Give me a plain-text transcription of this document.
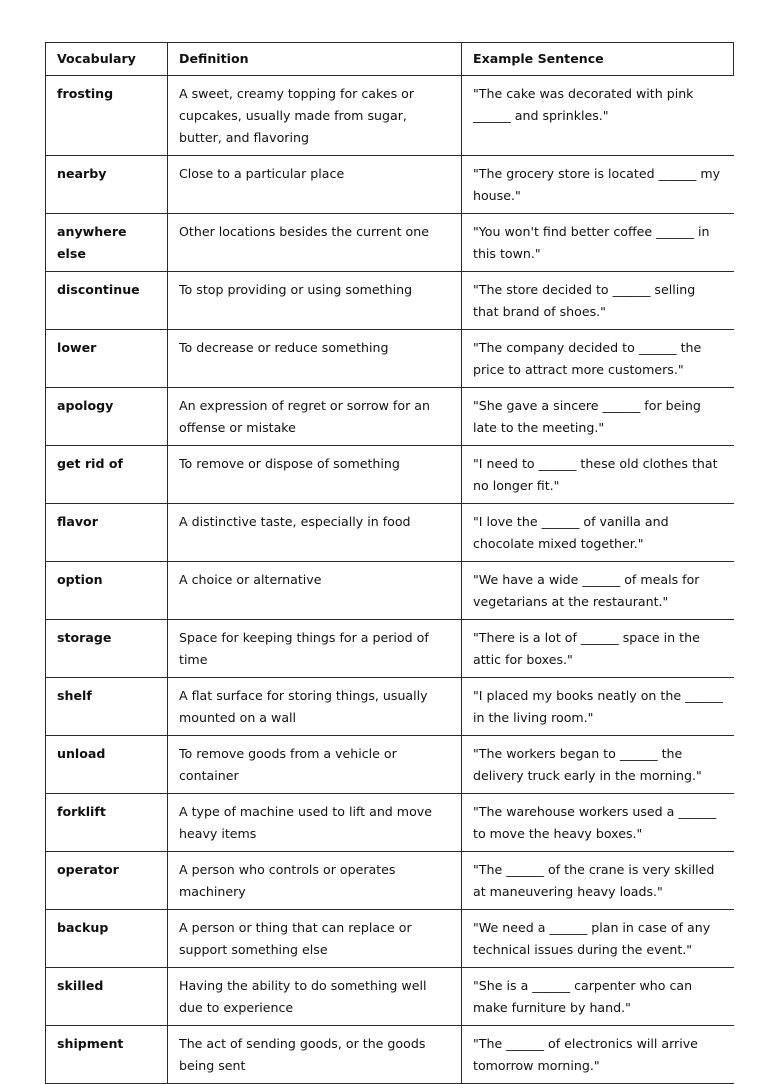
Vocabulary	Definition	Example Sentence
frosting	A sweet, creamy topping for cakes or cupcakes, usually made from sugar, butter, and flavoring	"The cake was decorated with pink ______ and sprinkles."
nearby	Close to a particular place	"The grocery store is located ______ my house."
anywhere else	Other locations besides the current one	"You won't find better coffee ______ in this town."
discontinue	To stop providing or using something	"The store decided to ______ selling that brand of shoes."
lower	To decrease or reduce something	"The company decided to ______ the price to attract more customers."
apology	An expression of regret or sorrow for an offense or mistake	"She gave a sincere ______ for being late to the meeting."
get rid of	To remove or dispose of something	"I need to ______ these old clothes that no longer fit."
flavor	A distinctive taste, especially in food	"I love the ______ of vanilla and chocolate mixed together."
option	A choice or alternative	"We have a wide ______ of meals for vegetarians at the restaurant."
storage	Space for keeping things for a period of time	"There is a lot of ______ space in the attic for boxes."
shelf	A flat surface for storing things, usually mounted on a wall	"I placed my books neatly on the ______ in the living room."
unload	To remove goods from a vehicle or container	"The workers began to ______ the delivery truck early in the morning."
forklift	A type of machine used to lift and move heavy items	"The warehouse workers used a ______ to move the heavy boxes."
operator	A person who controls or operates machinery	"The ______ of the crane is very skilled at maneuvering heavy loads."
backup	A person or thing that can replace or support something else	"We need a ______ plan in case of any technical issues during the event."
skilled	Having the ability to do something well due to experience	"She is a ______ carpenter who can make furniture by hand."
shipment	The act of sending goods, or the goods being sent	"The ______ of electronics will arrive tomorrow morning."
